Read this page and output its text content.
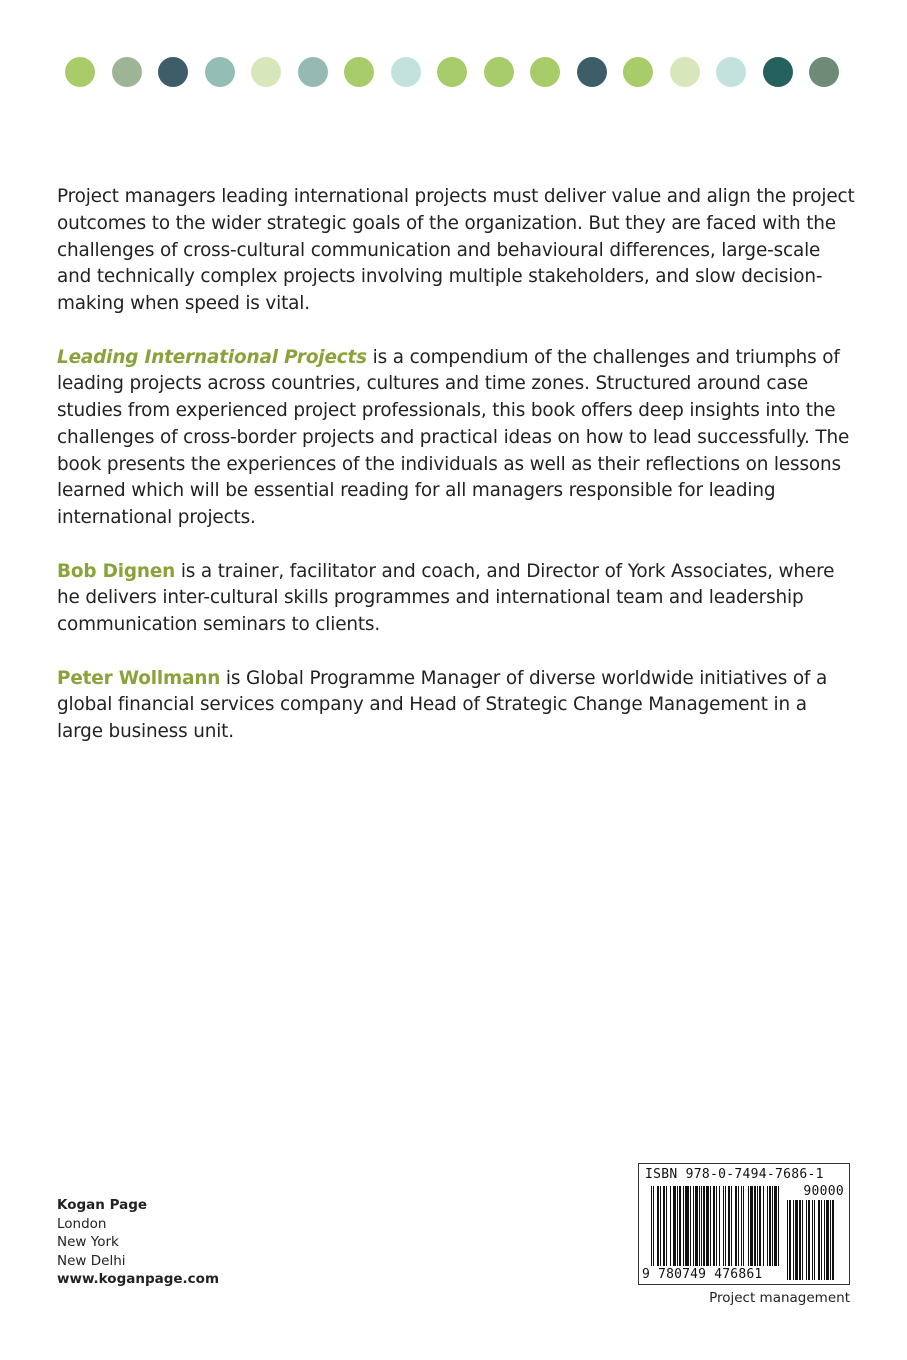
Project managers leading international projects must deliver value and align the project outcomes to the wider strategic goals of the organization. But they are faced with the challenges of cross-cultural communication and behavioural differences, large-scale and technically complex projects involving multiple stakeholders, and slow decision-making when speed is vital.

Leading International Projects is a compendium of the challenges and triumphs of leading projects across countries, cultures and time zones. Structured around case studies from experienced project professionals, this book offers deep insights into the challenges of cross-border projects and practical ideas on how to lead successfully. The book presents the experiences of the individuals as well as their reflections on lessons learned which will be essential reading for all managers responsible for leading international projects.

Bob Dignen is a trainer, facilitator and coach, and Director of York Associates, where he delivers inter-cultural skills programmes and international team and leadership communication seminars to clients.

Peter Wollmann is Global Programme Manager of diverse worldwide initiatives of a global financial services company and Head of Strategic Change Management in a large business unit.

Kogan Page
London
New York
New Delhi
www.koganpage.com
ISBN 978-0-7494-7686-1
90000
9 780749 476861
Project management
